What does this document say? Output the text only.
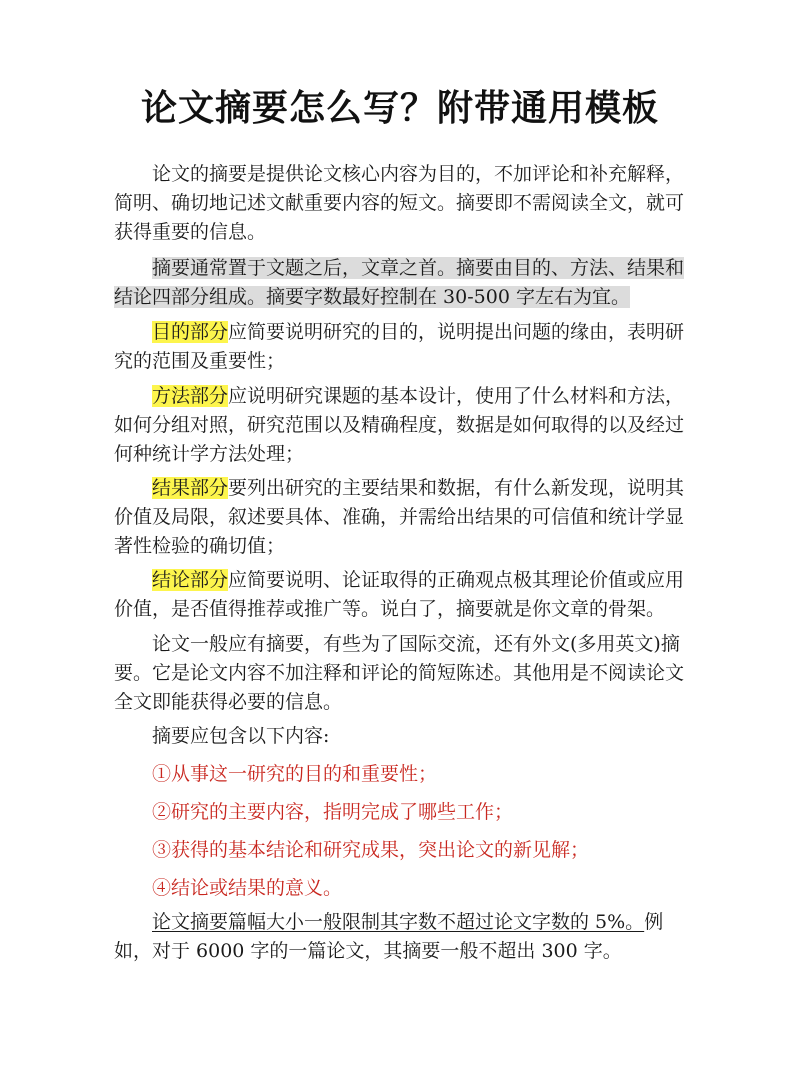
论文摘要怎么写？附带通用模板

论文的摘要是提供论文核心内容为目的，不加评论和补充解释，简明、确切地记述文献重要内容的短文。摘要即不需阅读全文，就可获得重要的信息。

摘要通常置于文题之后，文章之首。摘要由目的、方法、结果和结论四部分组成。摘要字数最好控制在 30-500 字左右为宜。

目的部分应简要说明研究的目的，说明提出问题的缘由，表明研究的范围及重要性；

方法部分应说明研究课题的基本设计，使用了什么材料和方法，如何分组对照，研究范围以及精确程度，数据是如何取得的以及经过何种统计学方法处理；

结果部分要列出研究的主要结果和数据，有什么新发现，说明其价值及局限，叙述要具体、准确，并需给出结果的可信值和统计学显著性检验的确切值；

结论部分应简要说明、论证取得的正确观点极其理论价值或应用价值，是否值得推荐或推广等。说白了，摘要就是你文章的骨架。

论文一般应有摘要，有些为了国际交流，还有外文(多用英文)摘要。它是论文内容不加注释和评论的简短陈述。其他用是不阅读论文全文即能获得必要的信息。

摘要应包含以下内容:

①从事这一研究的目的和重要性；

②研究的主要内容，指明完成了哪些工作；

③获得的基本结论和研究成果，突出论文的新见解；

④结论或结果的意义。

论文摘要篇幅大小一般限制其字数不超过论文字数的 5%。例如，对于 6000 字的一篇论文，其摘要一般不超出 300 字。
